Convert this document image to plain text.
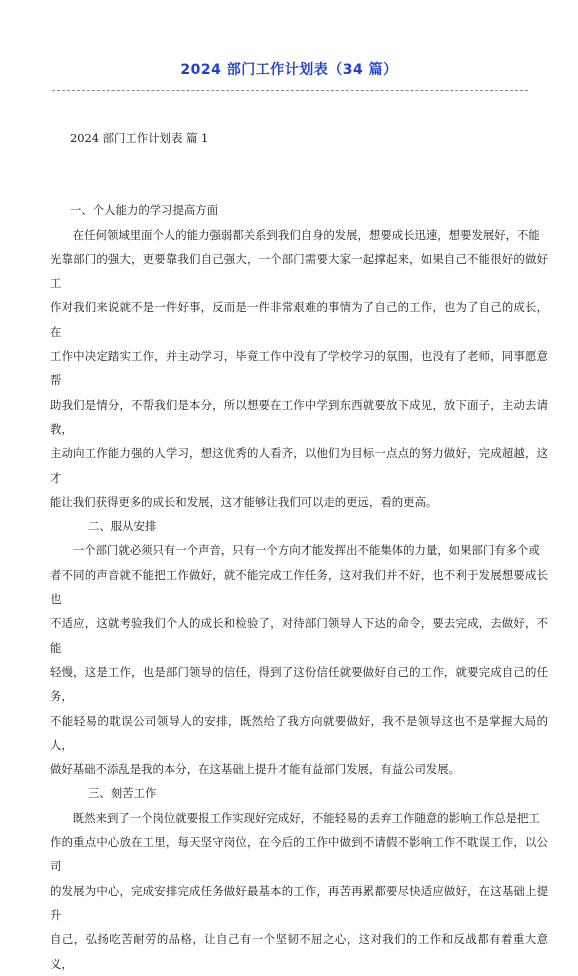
2024 部门工作计划表（34 篇）

2024 部门工作计划表 篇 1

一、个人能力的学习提高方面

　　在任何领域里面个人的能力强弱都关系到我们自身的发展，想要成长迅速，想要发展好，不能
光靠部门的强大，更要靠我们自己强大，一个部门需要大家一起撑起来，如果自己不能很好的做好工
作对我们来说就不是一件好事，反而是一件非常艰难的事情为了自己的工作，也为了自己的成长，在
工作中决定踏实工作，并主动学习，毕竟工作中没有了学校学习的氛围，也没有了老师，同事愿意帮
助我们是情分，不帮我们是本分，所以想要在工作中学到东西就要放下成见，放下面子，主动去请教，
主动向工作能力强的人学习，想这优秀的人看齐，以他们为目标一点点的努力做好，完成超越，这才
能让我们获得更多的成长和发展，这才能够让我们可以走的更远，看的更高。

二、服从安排

　　一个部门就必须只有一个声音，只有一个方向才能发挥出不能集体的力量，如果部门有多个或
者不同的声音就不能把工作做好，就不能完成工作任务，这对我们并不好，也不利于发展想要成长也
不适应，这就考验我们个人的成长和检验了，对待部门领导人下达的命令，要去完成，去做好，不能
轻慢，这是工作，也是部门领导的信任，得到了这份信任就要做好自己的工作，就要完成自己的任务，
不能轻易的耽误公司领导人的安排，既然给了我方向就要做好，我不是领导这也不是掌握大局的人，
做好基础不添乱是我的本分，在这基础上提升才能有益部门发展，有益公司发展。

三、刻苦工作

　　既然来到了一个岗位就要报工作实现好完成好，不能轻易的丢弃工作随意的影响工作总是把工
作的重点中心放在工里，每天坚守岗位，在今后的工作中做到不请假不影响工作不耽误工作，以公司
的发展为中心，完成安排完成任务做好最基本的工作，再苦再累都要尽快适应做好，在这基础上提升
自己，弘扬吃苦耐劳的品格，让自己有一个坚韧不屈之心，这对我们的工作和反战都有着重大意义，
